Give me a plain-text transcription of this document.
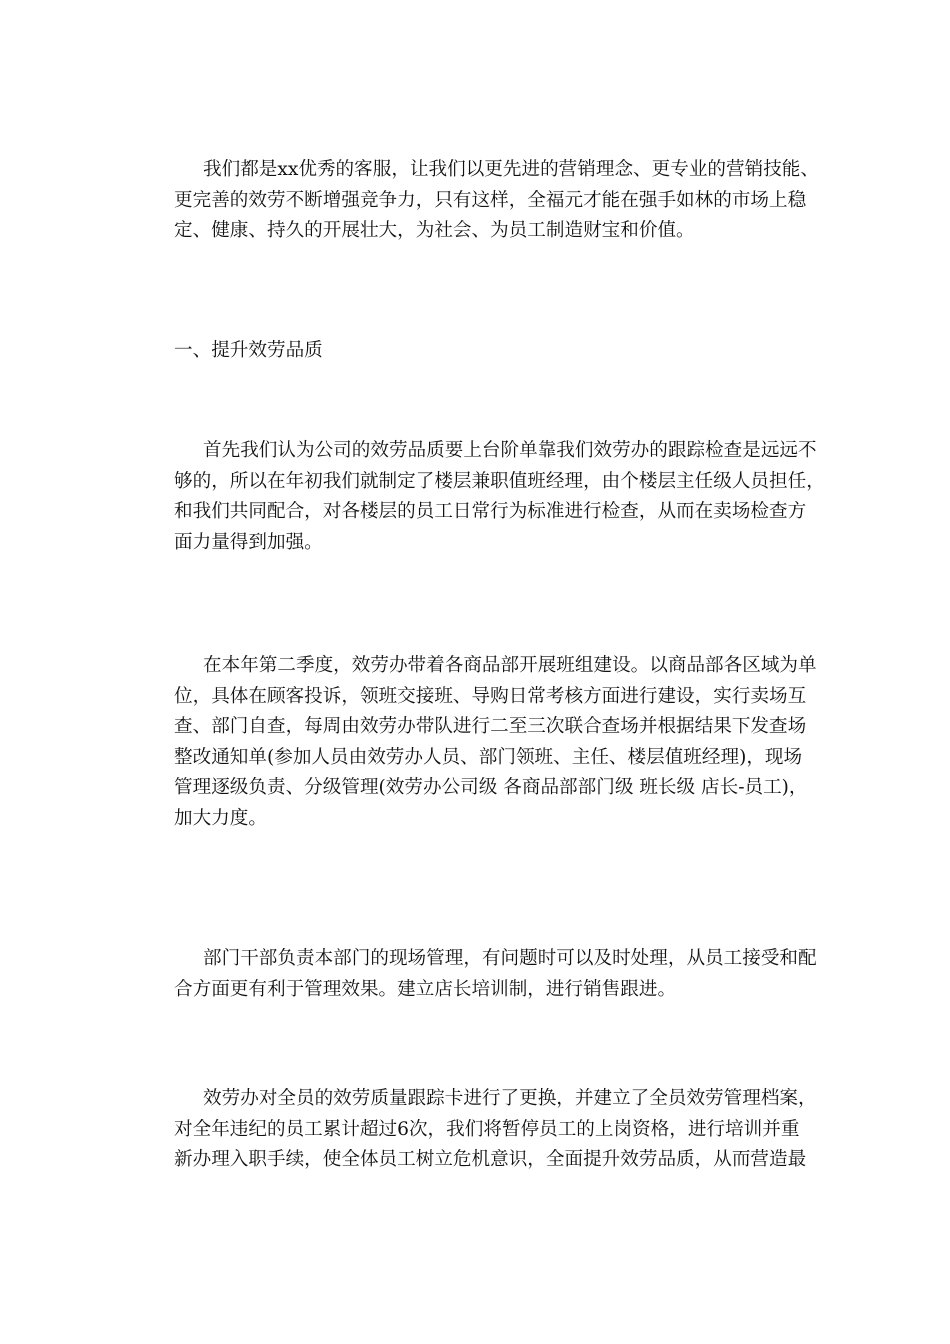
我们都是xx优秀的客服，让我们以更先进的营销理念、更专业的营销技能、
更完善的效劳不断增强竞争力，只有这样，全福元才能在强手如林的市场上稳
定、健康、持久的开展壮大，为社会、为员工制造财宝和价值。
一、提升效劳品质
首先我们认为公司的效劳品质要上台阶单靠我们效劳办的跟踪检查是远远不
够的，所以在年初我们就制定了楼层兼职值班经理，由个楼层主任级人员担任，
和我们共同配合，对各楼层的员工日常行为标准进行检查，从而在卖场检查方
面力量得到加强。
在本年第二季度，效劳办带着各商品部开展班组建设。以商品部各区域为单
位，具体在顾客投诉，领班交接班、导购日常考核方面进行建设，实行卖场互
查、部门自查，每周由效劳办带队进行二至三次联合查场并根据结果下发查场
整改通知单(参加人员由效劳办人员、部门领班、主任、楼层值班经理)，现场
管理逐级负责、分级管理(效劳办公司级 各商品部部门级 班长级 店长-员工)，
加大力度。
部门干部负责本部门的现场管理，有问题时可以及时处理，从员工接受和配
合方面更有利于管理效果。建立店长培训制，进行销售跟进。
效劳办对全员的效劳质量跟踪卡进行了更换，并建立了全员效劳管理档案，
对全年违纪的员工累计超过6次，我们将暂停员工的上岗资格，进行培训并重
新办理入职手续，使全体员工树立危机意识，全面提升效劳品质，从而营造最
